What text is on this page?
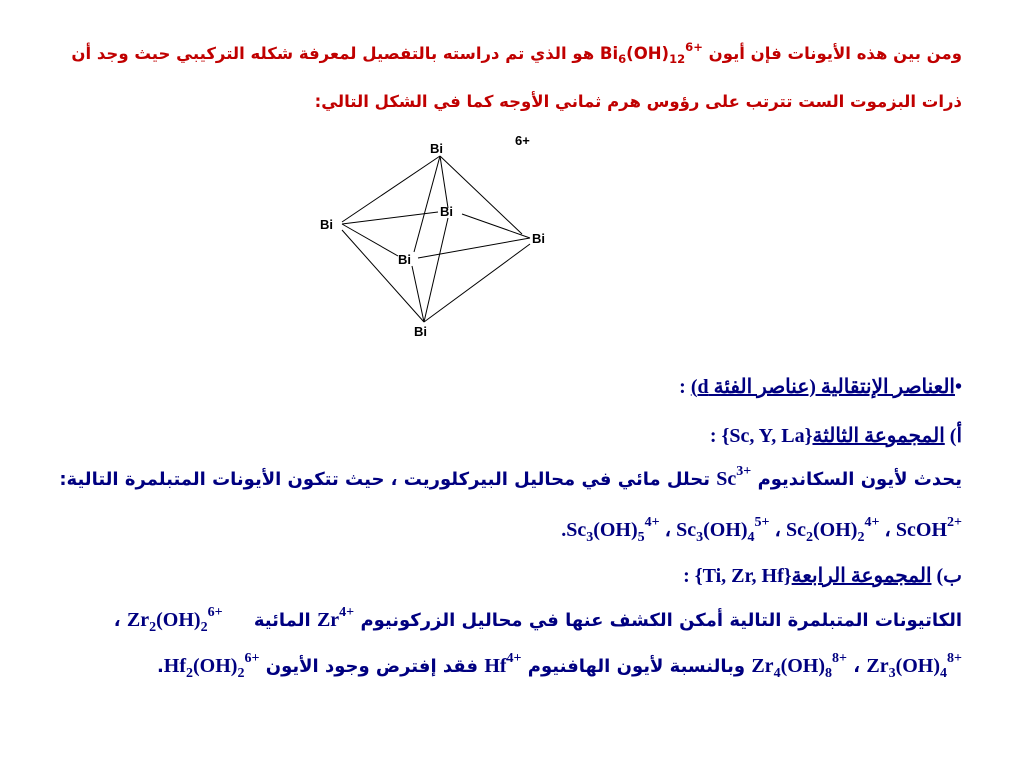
ومن بين هذه الأيونات فإن أيون $Bi_6(OH)_{12}^{6+}$ هو الذي تم دراسته بالتفصيل لمعرفة شكله التركيبي حيث وجد أن
ذرات البزموت الست تترتب على رؤوس هرم ثماني الأوجه كما في الشكل التالي:
Bi
Bi
Bi
Bi
Bi
Bi
6+
•العناصر الإنتقالية (عناصر الفئة d) :
أ) المجموعة الثالثة: {Sc, Y, La}
يحدث لأيون السكانديوم $Sc^{3+}$ تحلل مائي في محاليل البيركلوريت ، حيث تتكون الأيونات المتبلمرة التالية:
ScOH$^{2+}$ ، $Sc_2(OH)_2^{4+}$ ، $Sc_3(OH)_4^{5+}$ ، $Sc_3(OH)_5^{4+}$.
ب) المجموعة الرابعة: {Ti, Zr, Hf}
الكاتيونات المتبلمرة التالية أمكن الكشف عنها في محاليل الزركونيوم $Zr^{4+}$ المائية     $Zr_2(OH)_2^{6+}$ ،
$Zr_3(OH)_4^{8+}$ ، $Zr_4(OH)_8^{8+}$ وبالنسبة لأيون الهافنيوم $Hf^{4+}$ فقد إفترض وجود الأيون $Hf_2(OH)_2^{6+}$.
